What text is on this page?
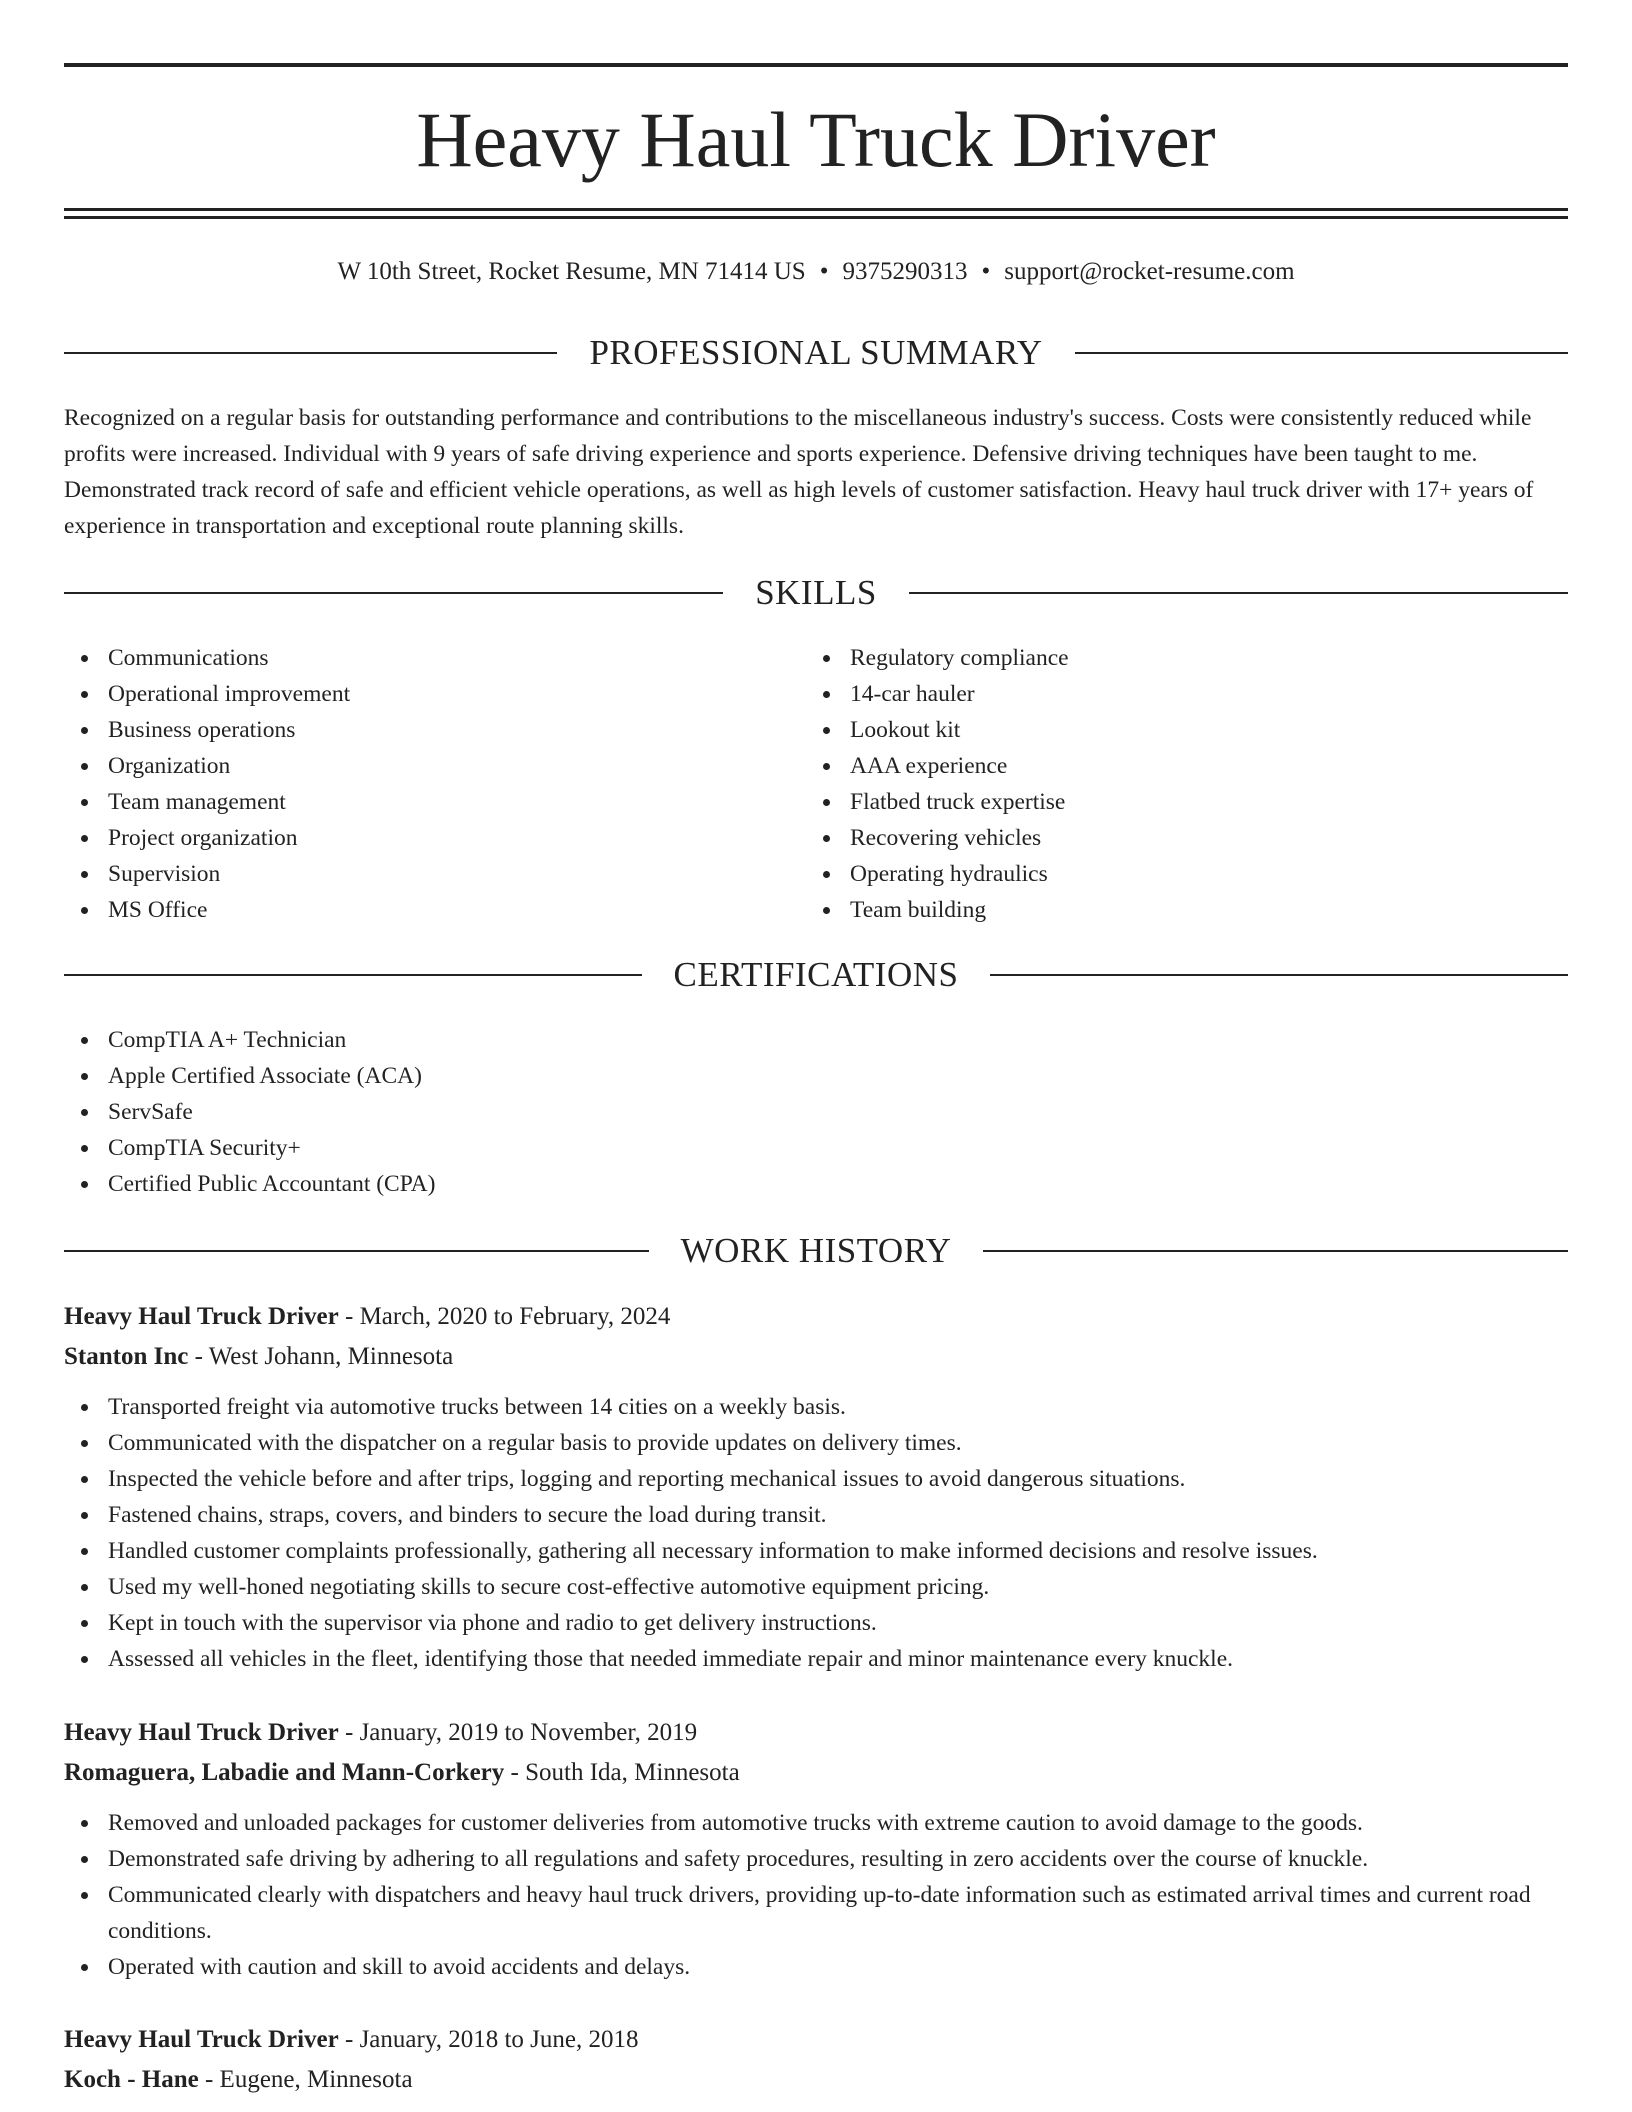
Heavy Haul Truck Driver
W 10th Street, Rocket Resume, MN 71414 US • 9375290313 • support@rocket-resume.com
PROFESSIONAL SUMMARY

Recognized on a regular basis for outstanding performance and contributions to the miscellaneous industry's success. Costs were consistently reduced while profits were increased. Individual with 9 years of safe driving experience and sports experience. Defensive driving techniques have been taught to me. Demonstrated track record of safe and efficient vehicle operations, as well as high levels of customer satisfaction. Heavy haul truck driver with 17+ years of experience in transportation and exceptional route planning skills.

SKILLS
Communications
Operational improvement
Business operations
Organization
Team management
Project organization
Supervision
MS Office
Regulatory compliance
14-car hauler
Lookout kit
AAA experience
Flatbed truck expertise
Recovering vehicles
Operating hydraulics
Team building
CERTIFICATIONS
CompTIA A+ Technician
Apple Certified Associate (ACA)
ServSafe
CompTIA Security+
Certified Public Accountant (CPA)
WORK HISTORY
Heavy Haul Truck Driver - March, 2020 to February, 2024
Stanton Inc - West Johann, Minnesota
Transported freight via automotive trucks between 14 cities on a weekly basis.
Communicated with the dispatcher on a regular basis to provide updates on delivery times.
Inspected the vehicle before and after trips, logging and reporting mechanical issues to avoid dangerous situations.
Fastened chains, straps, covers, and binders to secure the load during transit.
Handled customer complaints professionally, gathering all necessary information to make informed decisions and resolve issues.
Used my well-honed negotiating skills to secure cost-effective automotive equipment pricing.
Kept in touch with the supervisor via phone and radio to get delivery instructions.
Assessed all vehicles in the fleet, identifying those that needed immediate repair and minor maintenance every knuckle.
Heavy Haul Truck Driver - January, 2019 to November, 2019
Romaguera, Labadie and Mann-Corkery - South Ida, Minnesota
Removed and unloaded packages for customer deliveries from automotive trucks with extreme caution to avoid damage to the goods.
Demonstrated safe driving by adhering to all regulations and safety procedures, resulting in zero accidents over the course of knuckle.
Communicated clearly with dispatchers and heavy haul truck drivers, providing up-to-date information such as estimated arrival times and current road conditions.
Operated with caution and skill to avoid accidents and delays.
Heavy Haul Truck Driver - January, 2018 to June, 2018
Koch - Hane - Eugene, Minnesota
